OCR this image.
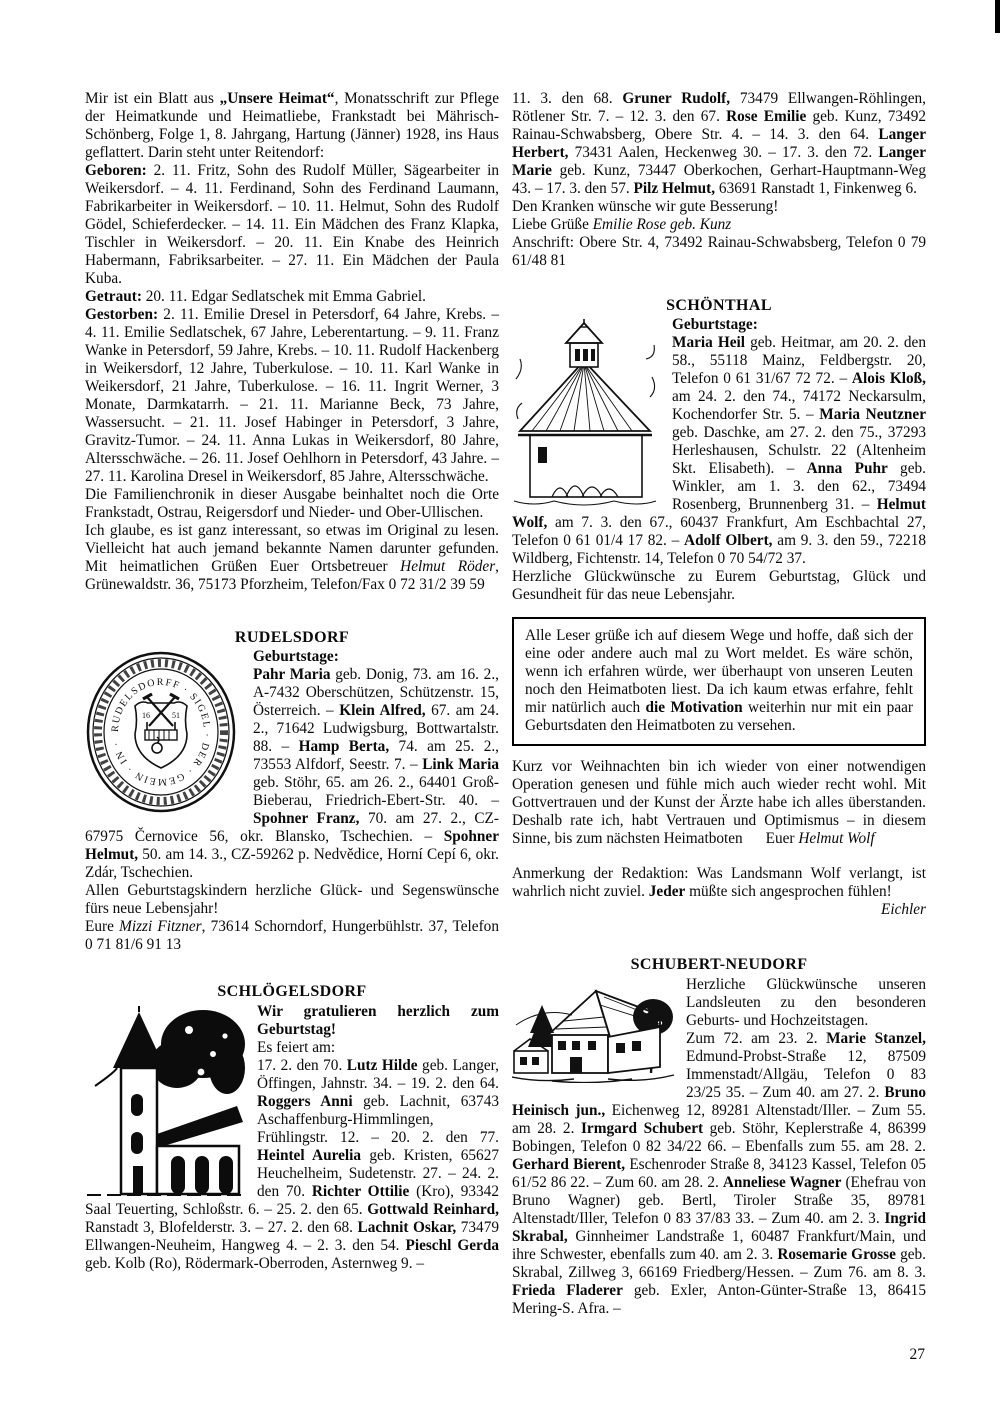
Mir ist ein Blatt aus „Unsere Heimat“, Monatsschrift zur Pflege der Heimatkunde und Heimatliebe, Frankstadt bei Mährisch-Schönberg, Folge 1, 8. Jahrgang, Hartung (Jänner) 1928, ins Haus geflattert. Darin steht unter Reitendorf:

Geboren: 2. 11. Fritz, Sohn des Rudolf Müller, Sägearbeiter in Weikersdorf. – 4. 11. Ferdinand, Sohn des Ferdinand Laumann, Fabrikarbeiter in Weikersdorf. – 10. 11. Helmut, Sohn des Rudolf Gödel, Schieferdecker. – 14. 11. Ein Mädchen des Franz Klapka, Tischler in Weikersdorf. – 20. 11. Ein Knabe des Heinrich Habermann, Fabriksarbeiter. – 27. 11. Ein Mädchen der Paula Kuba.

Getraut: 20. 11. Edgar Sedlatschek mit Emma Gabriel.

Gestorben: 2. 11. Emilie Dresel in Petersdorf, 64 Jahre, Krebs. – 4. 11. Emilie Sedlatschek, 67 Jahre, Leberentartung. – 9. 11. Franz Wanke in Petersdorf, 59 Jahre, Krebs. – 10. 11. Rudolf Hackenberg in Weikersdorf, 12 Jahre, Tuberkulose. – 10. 11. Karl Wanke in Weikersdorf, 21 Jahre, Tuberkulose. – 16. 11. Ingrit Werner, 3 Monate, Darmkatarrh. – 21. 11. Marianne Beck, 73 Jahre, Wassersucht. – 21. 11. Josef Habinger in Petersdorf, 3 Jahre, Gravitz-Tumor. – 24. 11. Anna Lukas in Weikersdorf, 80 Jahre, Altersschwäche. – 26. 11. Josef Oehlhorn in Petersdorf, 43 Jahre. – 27. 11. Karolina Dresel in Weikersdorf, 85 Jahre, Altersschwäche.

Die Familienchronik in dieser Ausgabe beinhaltet noch die Orte Frankstadt, Ostrau, Reigersdorf und Nieder- und Ober-Ullischen.

Ich glaube, es ist ganz interessant, so etwas im Original zu lesen. Vielleicht hat auch jemand bekannte Namen darunter gefunden. Mit heimatlichen Grüßen Euer Ortsbetreuer Helmut Röder, Grünewaldstr. 36, 75173 Pforzheim, Telefon/Fax 0 72 31/2 39 59

RUDELSDORF
RUDELSDORFF · SIGEL · DER · GEMEIN · IN ·
16	51

Geburtstage:

Pahr Maria geb. Donig, 73. am 16. 2., A-7432 Oberschützen, Schützenstr. 15, Österreich. – Klein Alfred, 67. am 24. 2., 71642 Ludwigsburg, Bottwartalstr. 88. – Hamp Berta, 74. am 25. 2., 73553 Alfdorf, Seestr. 7. – Link Maria geb. Stöhr, 65. am 26. 2., 64401 Groß-Bieberau, Friedrich-Ebert-Str. 40. – Spohner Franz, 70. am 27. 2., CZ-67975 Černovice 56, okr. Blansko, Tschechien. – Spohner Helmut, 50. am 14. 3., CZ-59262 p. Nedvědice, Horní Cepí 6, okr. Zdár, Tschechien.

Allen Geburtstagskindern herzliche Glück- und Segenswünsche fürs neue Lebensjahr!

Eure Mizzi Fitzner, 73614 Schorndorf, Hungerbühlstr. 37, Telefon 0 71 81/6 91 13

SCHLÖGELSDORF

Wir gratulieren herzlich zum Geburtstag!

Es feiert am:

17. 2. den 70. Lutz Hilde geb. Langer, Öffingen, Jahnstr. 34. – 19. 2. den 64. Roggers Anni geb. Lachnit, 63743 Aschaffenburg-Himmlingen, Frühlingstr. 12. – 20. 2. den 77. Heintel Aurelia geb. Kristen, 65627 Heuchelheim, Sudetenstr. 27. – 24. 2. den 70. Richter Ottilie (Kro), 93342 Saal Teuerting, Schloßstr. 6. – 25. 2. den 65. Gottwald Reinhard, Ranstadt 3, Blofelderstr. 3. – 27. 2. den 68. Lachnit Oskar, 73479 Ellwangen-Neuheim, Hangweg 4. – 2. 3. den 54. Pieschl Gerda geb. Kolb (Ro), Rödermark-Oberroden, Asternweg 9. –

11. 3. den 68. Gruner Rudolf, 73479 Ellwangen-Röhlingen, Rötlener Str. 7. – 12. 3. den 67. Rose Emilie geb. Kunz, 73492 Rainau-Schwabsberg, Obere Str. 4. – 14. 3. den 64. Langer Herbert, 73431 Aalen, Heckenweg 30. – 17. 3. den 72. Langer Marie geb. Kunz, 73447 Oberkochen, Gerhart-Hauptmann-Weg 43. – 17. 3. den 57. Pilz Helmut, 63691 Ranstadt 1, Finkenweg 6.

Den Kranken wünsche wir gute Besserung!

Liebe Grüße Emilie Rose geb. Kunz

Anschrift: Obere Str. 4, 73492 Rainau-Schwabsberg, Telefon 0 79 61/48 81

SCHÖNTHAL

Geburtstage:

Maria Heil geb. Heitmar, am 20. 2. den 58., 55118 Mainz, Feldbergstr. 20, Telefon 0 61 31/67 72 72. – Alois Kloß, am 24. 2. den 74., 74172 Neckarsulm, Kochendorfer Str. 5. – Maria Neutzner geb. Daschke, am 27. 2. den 75., 37293 Herleshausen, Schulstr. 22 (Altenheim Skt. Elisabeth). – Anna Puhr geb. Winkler, am 1. 3. den 62., 73494 Rosenberg, Brunnenberg 31. – Helmut Wolf, am 7. 3. den 67., 60437 Frankfurt, Am Eschbachtal 27, Telefon 0 61 01/4 17 82. – Adolf Olbert, am 9. 3. den 59., 72218 Wildberg, Fichtenstr. 14, Telefon 0 70 54/72 37.

Herzliche Glückwünsche zu Eurem Geburtstag, Glück und Gesundheit für das neue Lebensjahr.

Alle Leser grüße ich auf diesem Wege und hoffe, daß sich der eine oder andere auch mal zu Wort meldet. Es wäre schön, wenn ich erfahren würde, wer überhaupt von unseren Leuten noch den Heimatboten liest. Da ich kaum etwas erfahre, fehlt mir natürlich auch die Motivation weiterhin nur mit ein paar Geburtsdaten den Heimatboten zu versehen.

Kurz vor Weihnachten bin ich wieder von einer notwendigen Operation genesen und fühle mich auch wieder recht wohl. Mit Gottvertrauen und der Kunst der Ärzte habe ich alles überstanden. Deshalb rate ich, habt Vertrauen und Optimismus – in diesem Sinne, bis zum nächsten Heimatboten  Euer Helmut Wolf

Anmerkung der Redaktion: Was Landsmann Wolf verlangt, ist wahrlich nicht zuviel. Jeder müßte sich angesprochen fühlen!

Eichler

SCHUBERT-NEUDORF

Herzliche Glückwünsche unseren Landsleuten zu den besonderen Geburts- und Hochzeitstagen.

Zum 72. am 23. 2. Marie Stanzel, Edmund-Probst-Straße 12, 87509 Immenstadt/Allgäu, Telefon 0 83 23/25 35. – Zum 40. am 27. 2. Bruno Heinisch jun., Eichenweg 12, 89281 Altenstadt/Iller. – Zum 55. am 28. 2. Irmgard Schubert geb. Stöhr, Keplerstraße 4, 86399 Bobingen, Telefon 0 82 34/22 66. – Ebenfalls zum 55. am 28. 2. Gerhard Bierent, Eschenroder Straße 8, 34123 Kassel, Telefon 05 61/52 86 22. – Zum 60. am 28. 2. Anneliese Wagner (Ehefrau von Bruno Wagner) geb. Bertl, Tiroler Straße 35, 89781 Altenstadt/Iller, Telefon 0 83 37/83 33. – Zum 40. am 2. 3. Ingrid Skrabal, Ginnheimer Landstraße 1, 60487 Frankfurt/Main, und ihre Schwester, ebenfalls zum 40. am 2. 3. Rosemarie Grosse geb. Skrabal, Zillweg 3, 66169 Friedberg/Hessen. – Zum 76. am 8. 3. Frieda Fladerer geb. Exler, Anton-Günter-Straße 13, 86415 Mering-S. Afra. –

27
